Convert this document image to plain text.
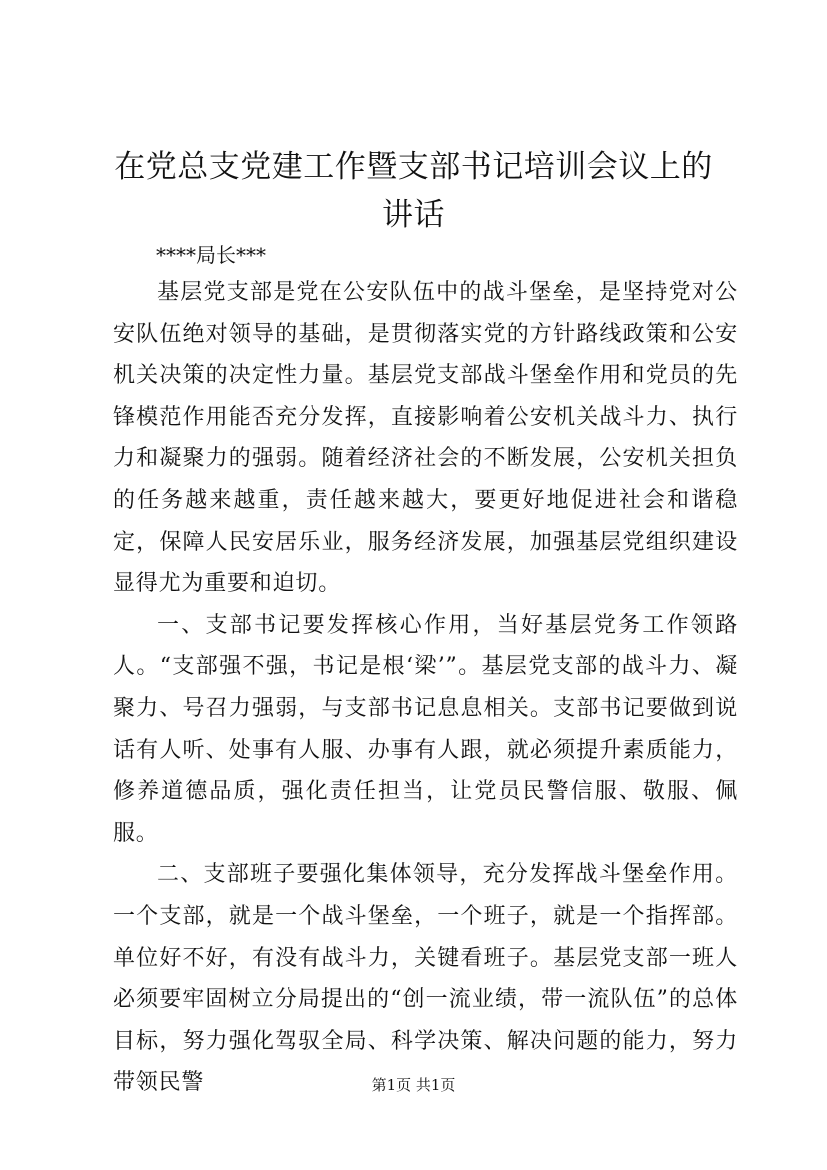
在党总支党建工作暨支部书记培训会议上的讲话
****局长***

基层党支部是党在公安队伍中的战斗堡垒，是坚持党对公安队伍绝对领导的基础，是贯彻落实党的方针路线政策和公安机关决策的决定性力量。基层党支部战斗堡垒作用和党员的先锋模范作用能否充分发挥，直接影响着公安机关战斗力、执行力和凝聚力的强弱。随着经济社会的不断发展，公安机关担负的任务越来越重，责任越来越大，要更好地促进社会和谐稳定，保障人民安居乐业，服务经济发展，加强基层党组织建设显得尤为重要和迫切。

一、支部书记要发挥核心作用，当好基层党务工作领路人。“支部强不强，书记是根‘梁’”。基层党支部的战斗力、凝聚力、号召力强弱，与支部书记息息相关。支部书记要做到说话有人听、处事有人服、办事有人跟，就必须提升素质能力，修养道德品质，强化责任担当，让党员民警信服、敬服、佩服。

二、支部班子要强化集体领导，充分发挥战斗堡垒作用。一个支部，就是一个战斗堡垒，一个班子，就是一个指挥部。单位好不好，有没有战斗力，关键看班子。基层党支部一班人必须要牢固树立分局提出的“创一流业绩，带一流队伍”的总体目标，努力强化驾驭全局、科学决策、解决问题的能力，努力带领民警	第1页 共1页
